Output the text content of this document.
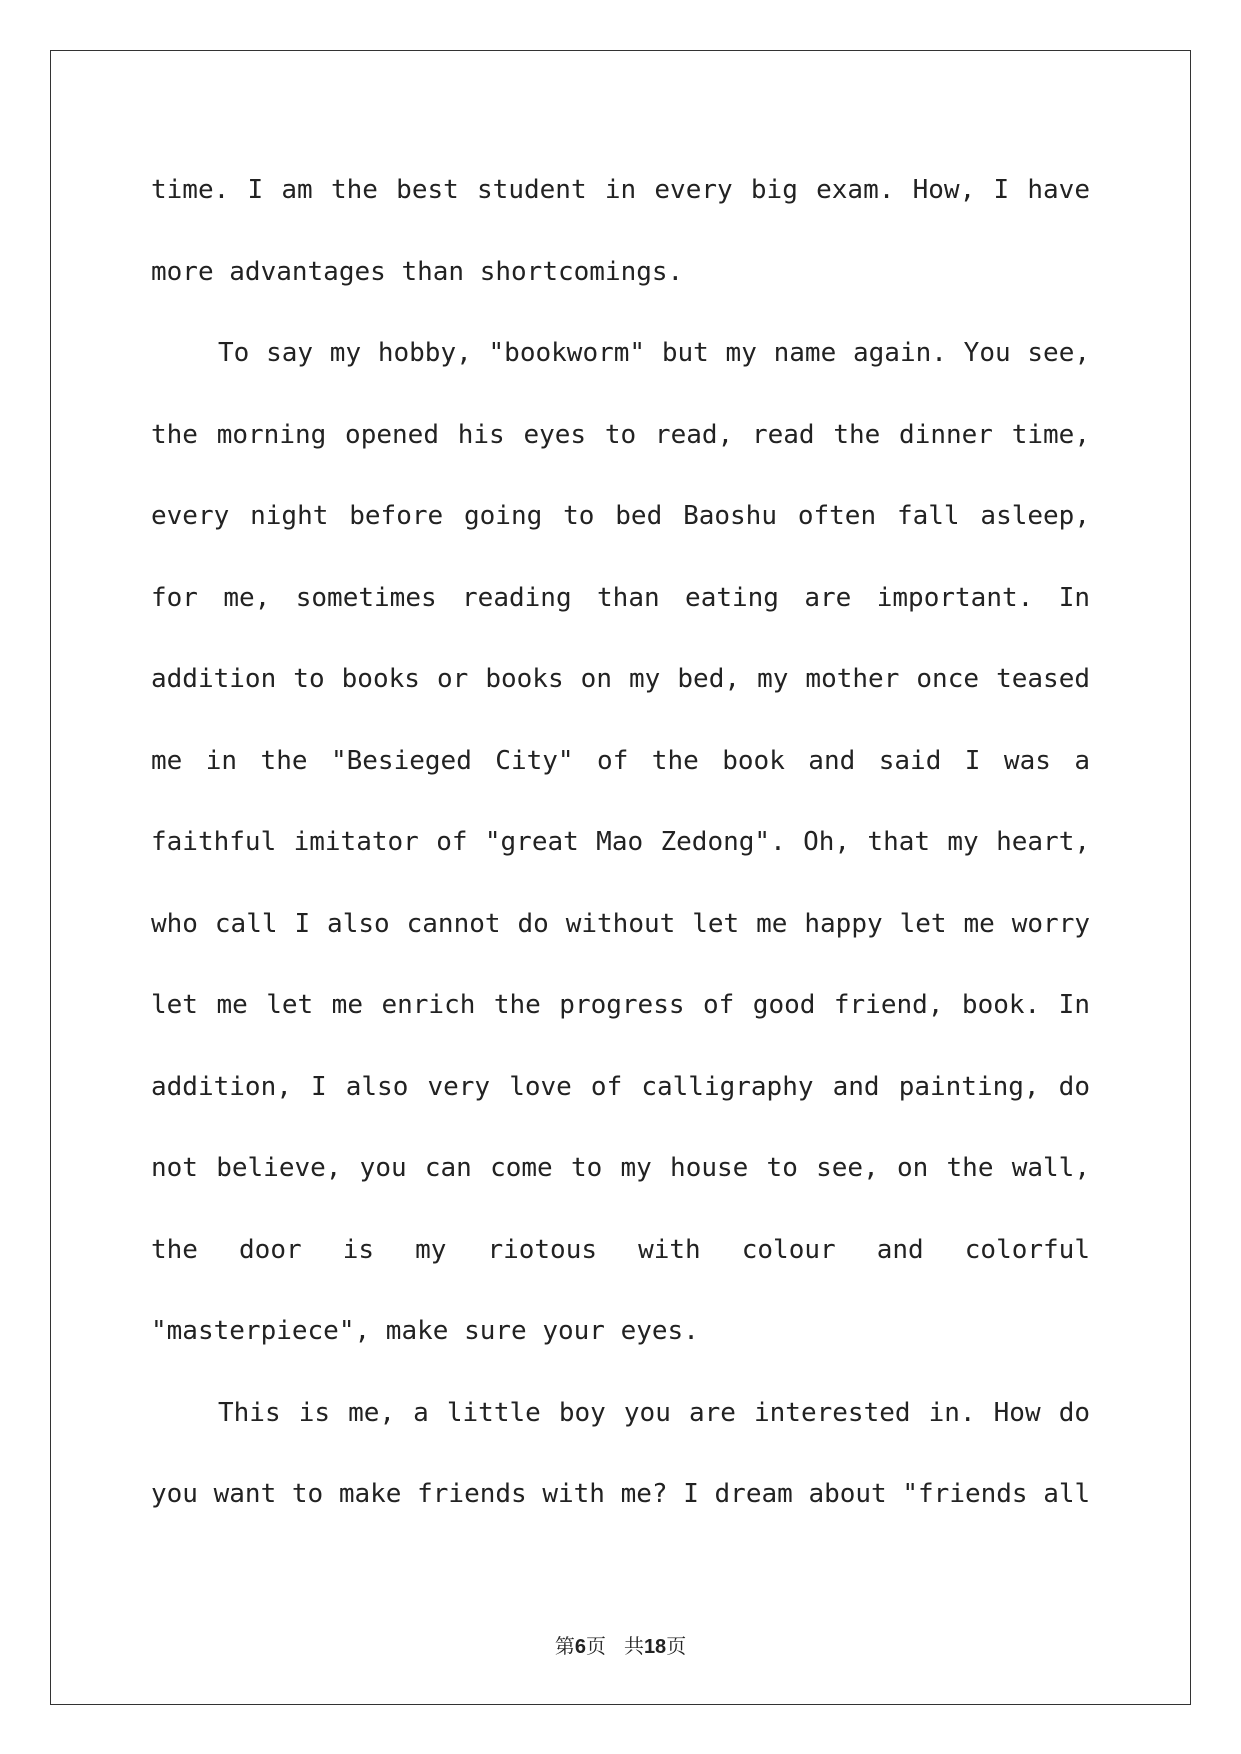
time. I am the best student in every big exam. How, I have
more advantages than shortcomings.
To say my hobby, "bookworm" but my name again. You see,
the morning opened his eyes to read, read the dinner time,
every night before going to bed Baoshu often fall asleep,
for me, sometimes reading than eating are important. In
addition to books or books on my bed, my mother once teased
me in the "Besieged City" of the book and said I was a
faithful imitator of "great Mao Zedong". Oh, that my heart,
who call I also cannot do without let me happy let me worry
let me let me enrich the progress of good friend, book. In
addition, I also very love of calligraphy and painting, do
not believe, you can come to my house to see, on the wall,
the door is my riotous with colour and colorful
"masterpiece", make sure your eyes.
This is me, a little boy you are interested in. How do
you want to make friends with me? I dream about "friends all
第6页 共18页
